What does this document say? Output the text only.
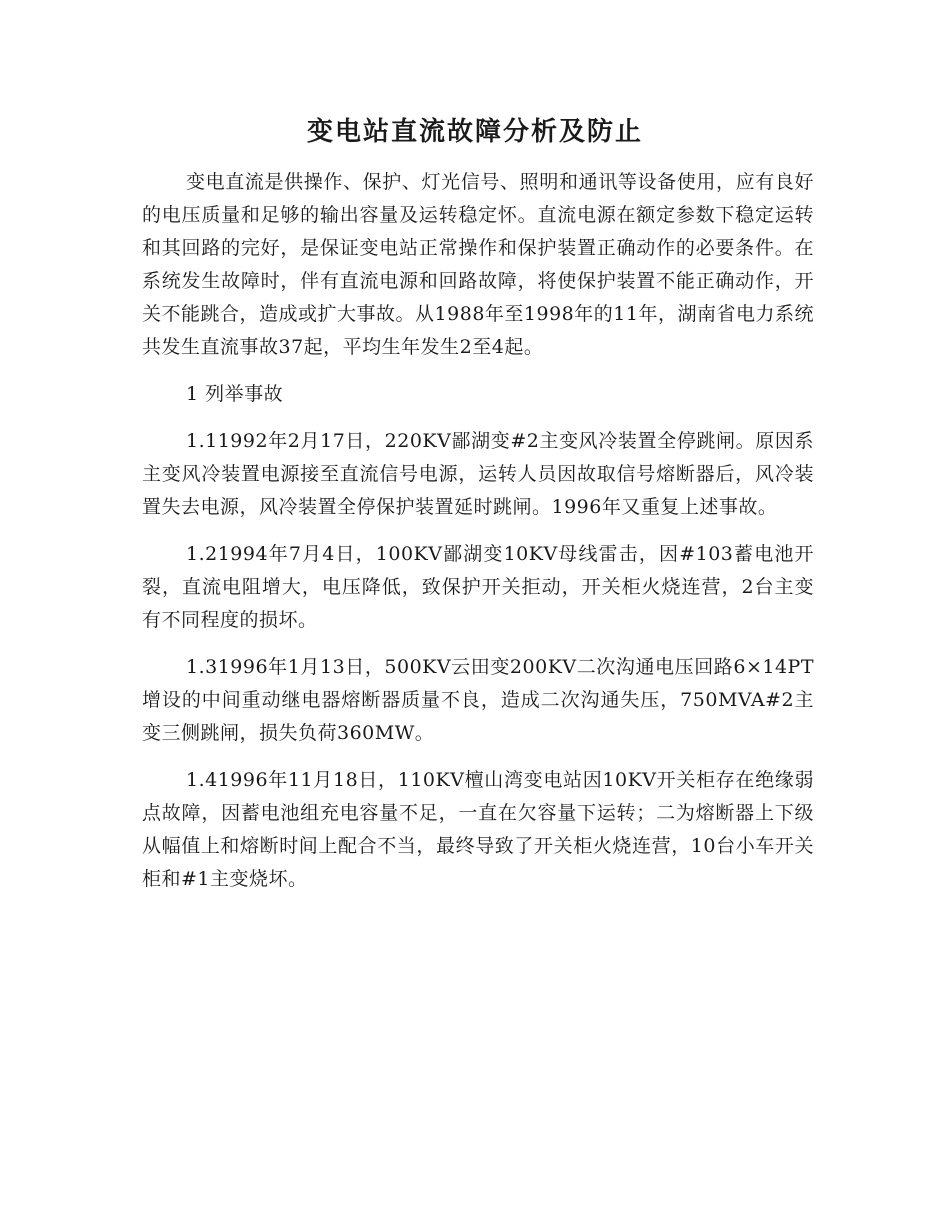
变电站直流故障分析及防止

变电直流是供操作、保护、灯光信号、照明和通讯等设备使用，应有良好的电压质量和足够的输出容量及运转稳定怀。直流电源在额定参数下稳定运转和其回路的完好，是保证变电站正常操作和保护装置正确动作的必要条件。在系统发生故障时，伴有直流电源和回路故障，将使保护装置不能正确动作，开关不能跳合，造成或扩大事故。从1988年至1998年的11年，湖南省电力系统共发生直流事故37起，平均生年发生2至4起。

1 列举事故

1.11992年2月17日，220KV鄙湖变#2主变风冷装置全停跳闸。原因系主变风冷装置电源接至直流信号电源，运转人员因故取信号熔断器后，风冷装置失去电源，风冷装置全停保护装置延时跳闸。1996年又重复上述事故。

1.21994年7月4日，100KV鄙湖变10KV母线雷击，因#103蓄电池开裂，直流电阻增大，电压降低，致保护开关拒动，开关柜火烧连营，2台主变有不同程度的损坏。

1.31996年1月13日，500KV云田变200KV二次沟通电压回路6×14PT增设的中间重动继电器熔断器质量不良，造成二次沟通失压，750MVA#2主变三侧跳闸，损失负荷360MW。

1.41996年11月18日，110KV檀山湾变电站因10KV开关柜存在绝缘弱点故障，因蓄电池组充电容量不足，一直在欠容量下运转；二为熔断器上下级从幅值上和熔断时间上配合不当，最终导致了开关柜火烧连营，10台小车开关柜和#1主变烧坏。
